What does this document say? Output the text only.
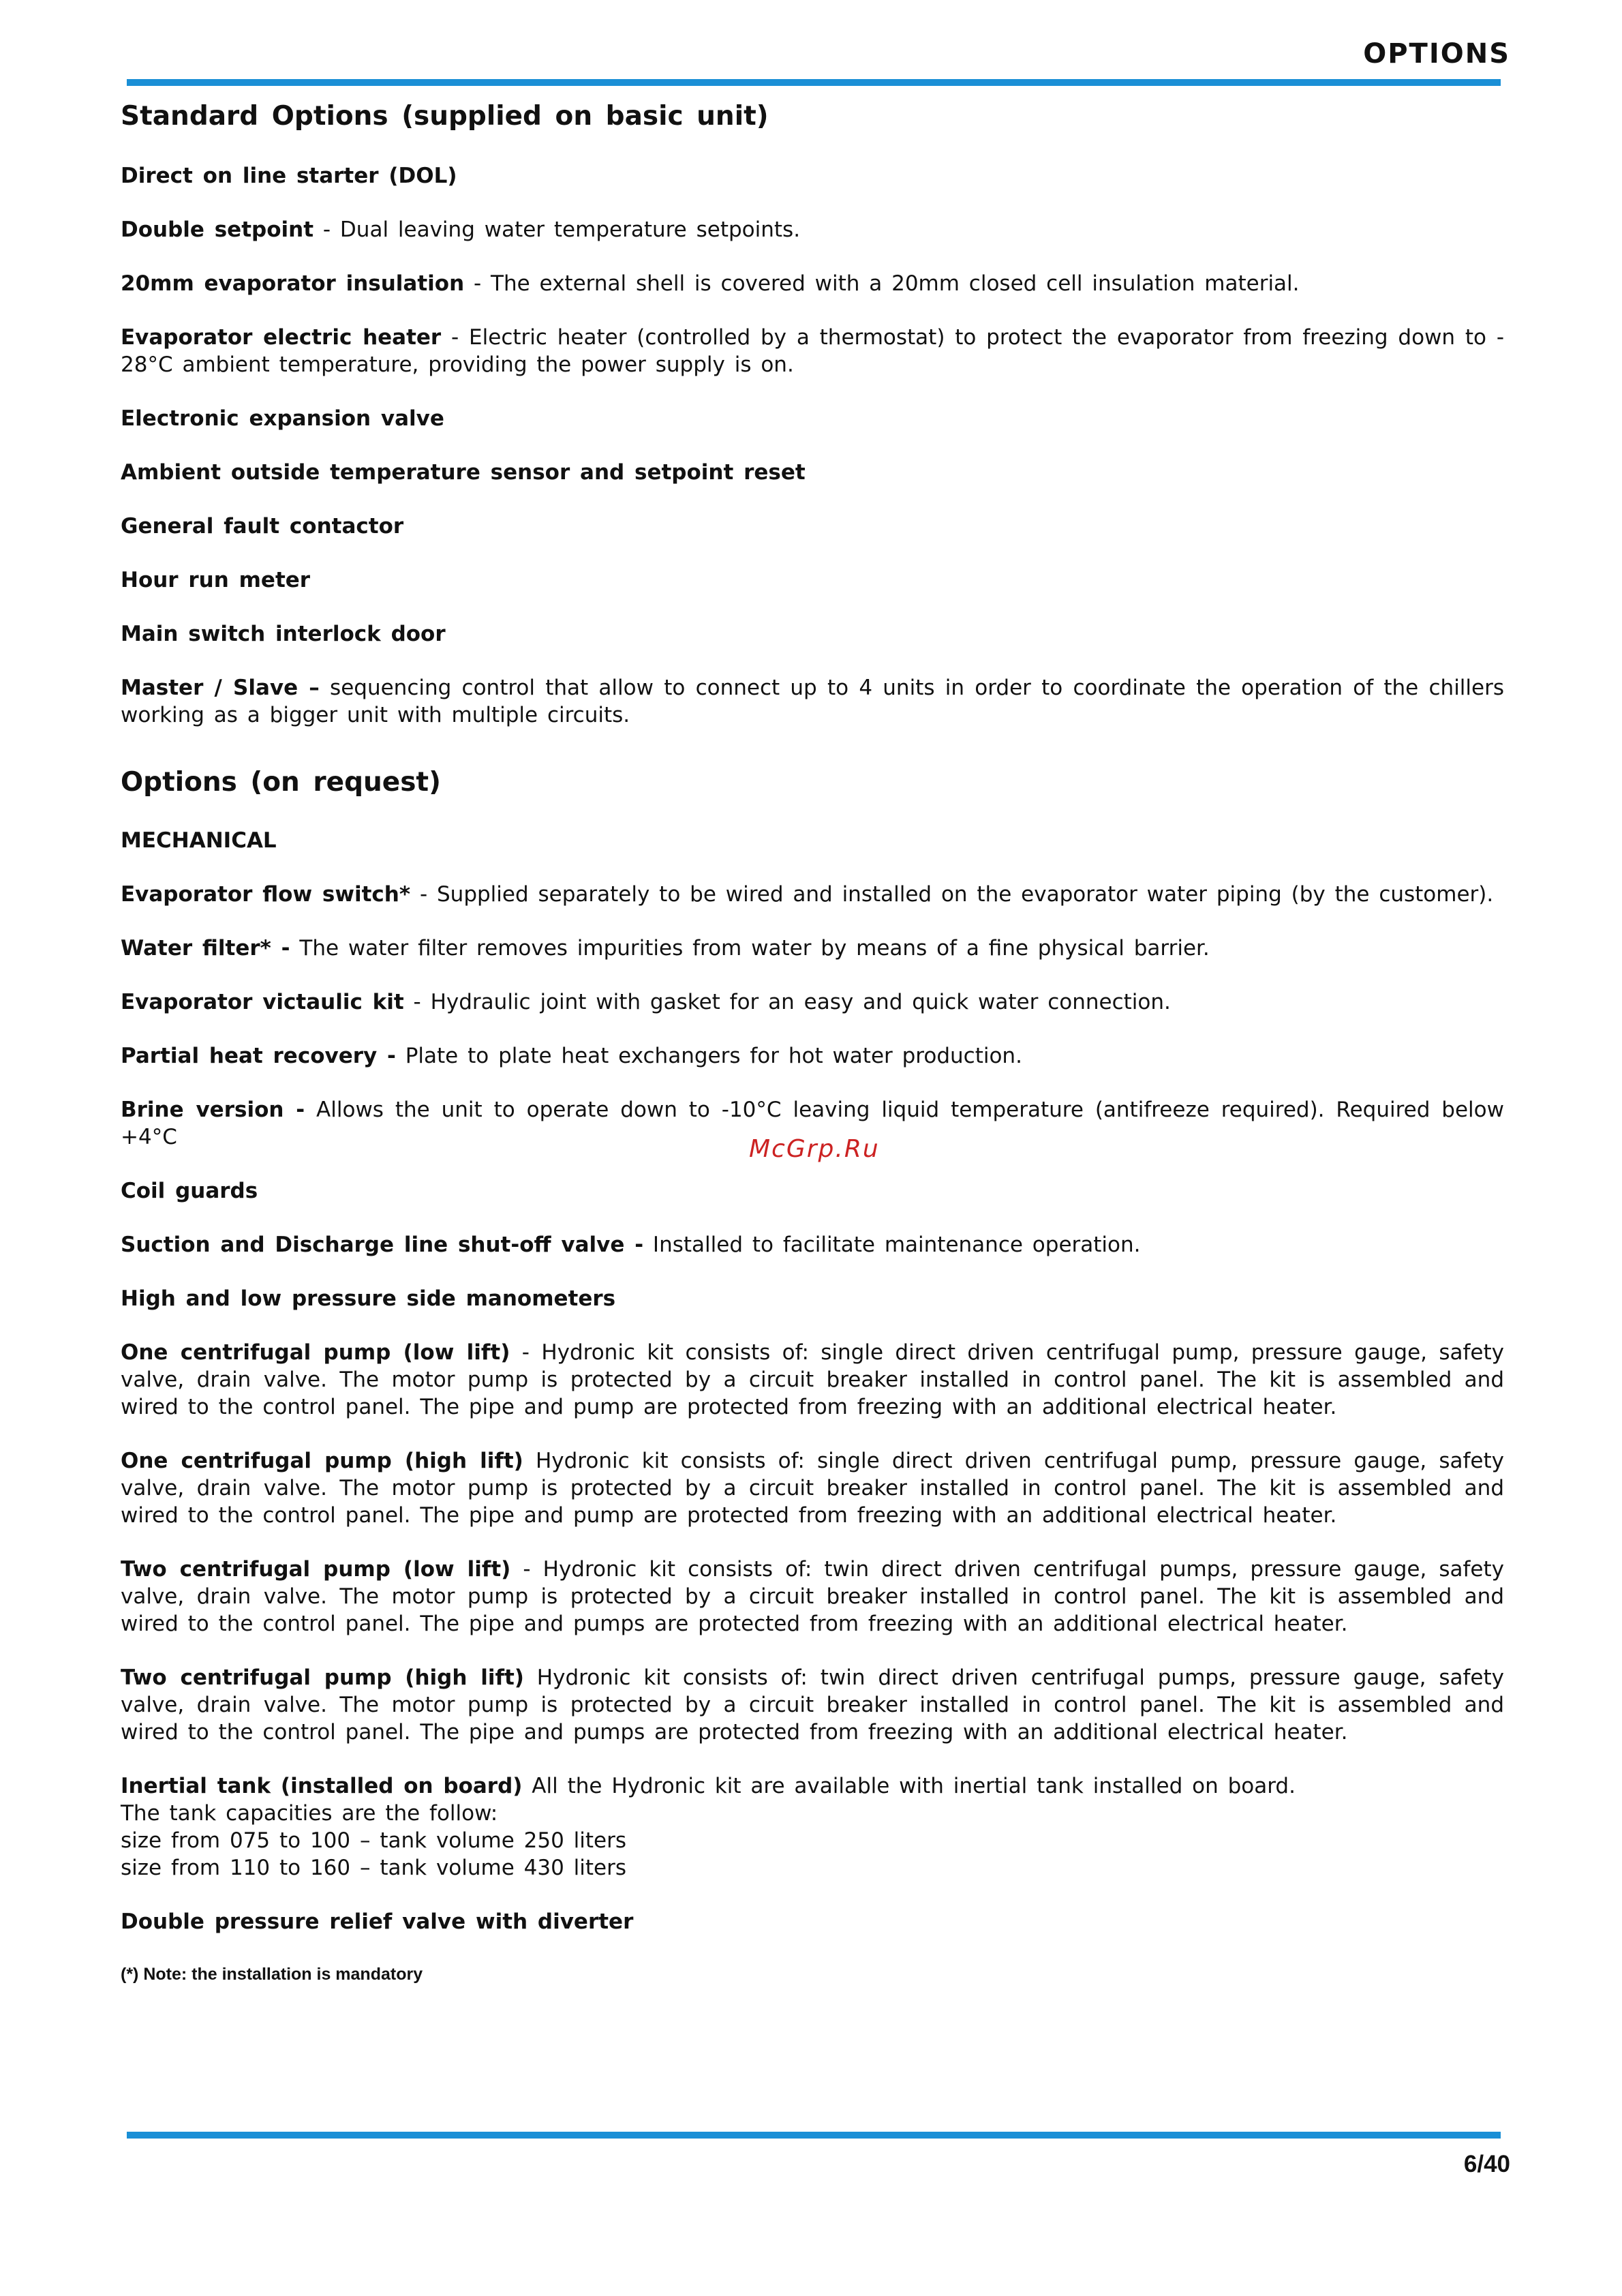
OPTIONS
Standard Options (supplied on basic unit)
Direct on line starter (DOL)
Double setpoint - Dual leaving water temperature setpoints.
20mm evaporator insulation - The external shell is covered with a 20mm closed cell insulation material.
Evaporator electric heater - Electric heater (controlled by a thermostat) to protect the evaporator from freezing down to - 28°C ambient temperature, providing the power supply is on.
Electronic expansion valve
Ambient outside temperature sensor and setpoint reset
General fault contactor
Hour run meter
Main switch interlock door
Master / Slave – sequencing control that allow to connect up to 4 units in order to coordinate the operation of the chillers working as a bigger unit with multiple circuits.
Options (on request)
MECHANICAL
Evaporator flow switch* - Supplied separately to be wired and installed on the evaporator water piping (by the customer).
Water filter* - The water filter removes impurities from water by means of a fine physical barrier.
Evaporator victaulic kit - Hydraulic joint with gasket for an easy and quick water connection.
Partial heat recovery - Plate to plate heat exchangers for hot water production.
Brine version - Allows the unit to operate down to -10°C leaving liquid temperature (antifreeze required). Required below +4°C
Coil guards
Suction and Discharge line shut-off valve - Installed to facilitate maintenance operation.
High and low pressure side manometers
One centrifugal pump (low lift) - Hydronic kit consists of: single direct driven centrifugal pump, pressure gauge, safety valve, drain valve. The motor pump is protected by a circuit breaker installed in control panel. The kit is assembled and wired to the control panel. The pipe and pump are protected from freezing with an additional electrical heater.
One centrifugal pump (high lift) Hydronic kit consists of: single direct driven centrifugal pump, pressure gauge, safety valve, drain valve. The motor pump is protected by a circuit breaker installed in control panel. The kit is assembled and wired to the control panel. The pipe and pump are protected from freezing with an additional electrical heater.
Two centrifugal pump (low lift) - Hydronic kit consists of: twin direct driven centrifugal pumps, pressure gauge, safety valve, drain valve. The motor pump is protected by a circuit breaker installed in control panel. The kit is assembled and wired to the control panel. The pipe and pumps are protected from freezing with an additional electrical heater.
Two centrifugal pump (high lift) Hydronic kit consists of: twin direct driven centrifugal pumps, pressure gauge, safety valve, drain valve. The motor pump is protected by a circuit breaker installed in control panel. The kit is assembled and wired to the control panel. The pipe and pumps are protected from freezing with an additional electrical heater.
Inertial tank (installed on board) All the Hydronic kit are available with inertial tank installed on board.
The tank capacities are the follow:
size from 075 to 100 – tank volume 250 liters
size from 110 to 160 – tank volume 430 liters
Double pressure relief valve with diverter
(*) Note: the installation is mandatory
McGrp.Ru
6/40
